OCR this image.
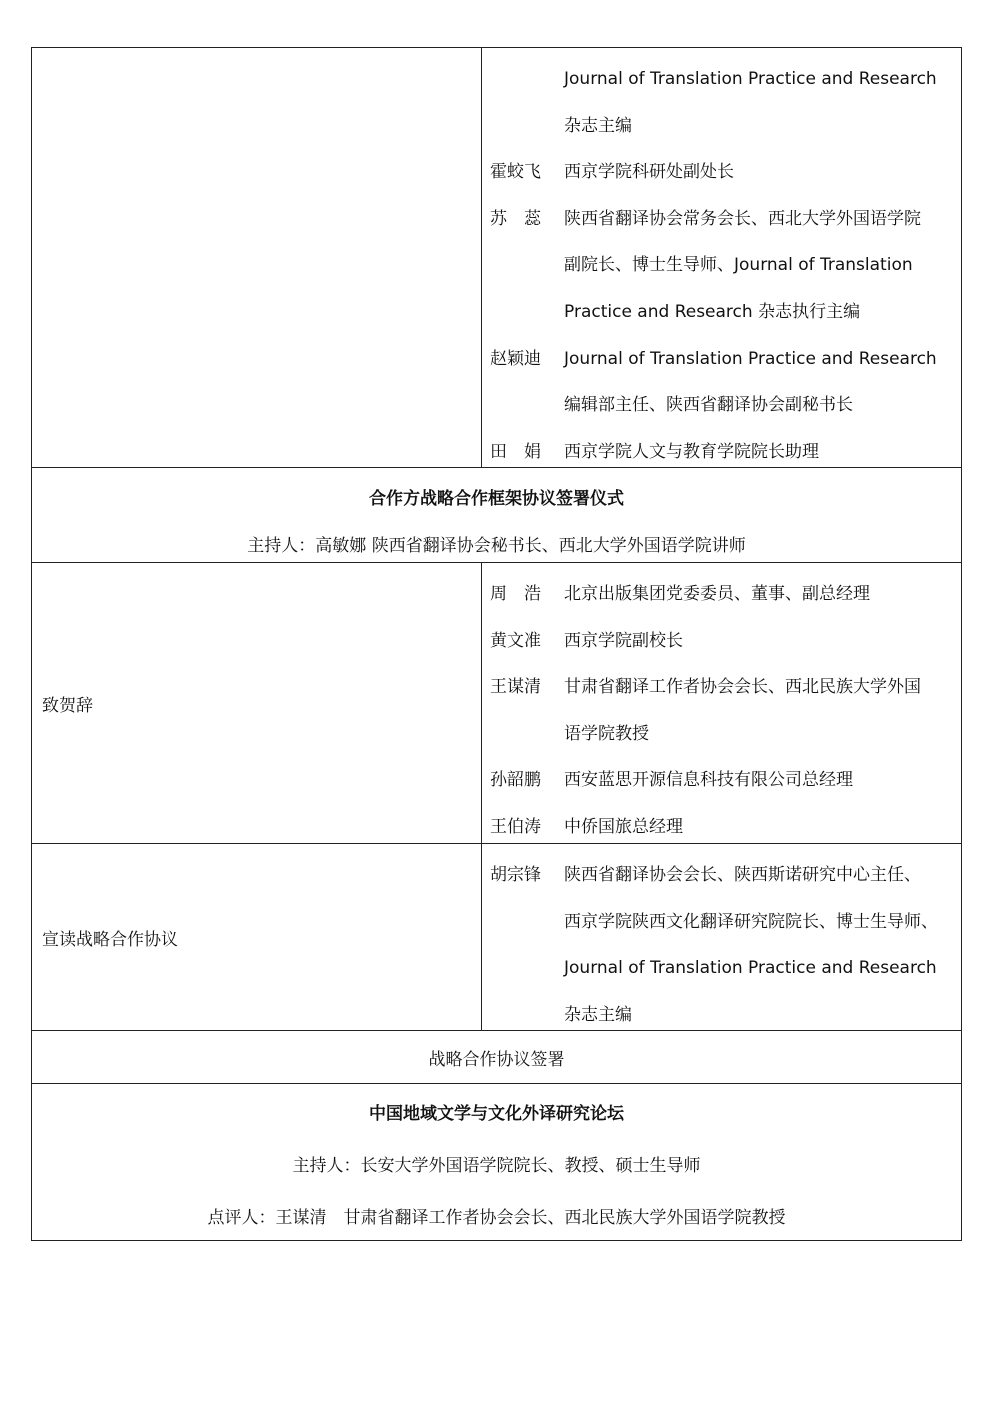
Journal of Translation Practice and Research
杂志主编
霍蛟飞	西京学院科研处副处长
苏　蕊	陕西省翻译协会常务会长、西北大学外国语学院
副院长、博士生导师、Journal of Translation
Practice and Research 杂志执行主编
赵颖迪	Journal of Translation Practice and Research
编辑部主任、陕西省翻译协会副秘书长
田　娟	西京学院人文与教育学院院长助理
合作方战略合作框架协议签署仪式
主持人：高敏娜 陕西省翻译协会秘书长、西北大学外国语学院讲师
致贺辞
周　浩	北京出版集团党委委员、董事、副总经理
黄文准	西京学院副校长
王谋清	甘肃省翻译工作者协会会长、西北民族大学外国
语学院教授
孙韶鹏	西安蓝思开源信息科技有限公司总经理
王伯涛	中侨国旅总经理
宣读战略合作协议
胡宗锋	陕西省翻译协会会长、陕西斯诺研究中心主任、
西京学院陕西文化翻译研究院院长、博士生导师、
Journal of Translation Practice and Research
杂志主编
战略合作协议签署
中国地域文学与文化外译研究论坛
主持人：长安大学外国语学院院长、教授、硕士生导师
点评人：王谋清　甘肃省翻译工作者协会会长、西北民族大学外国语学院教授
